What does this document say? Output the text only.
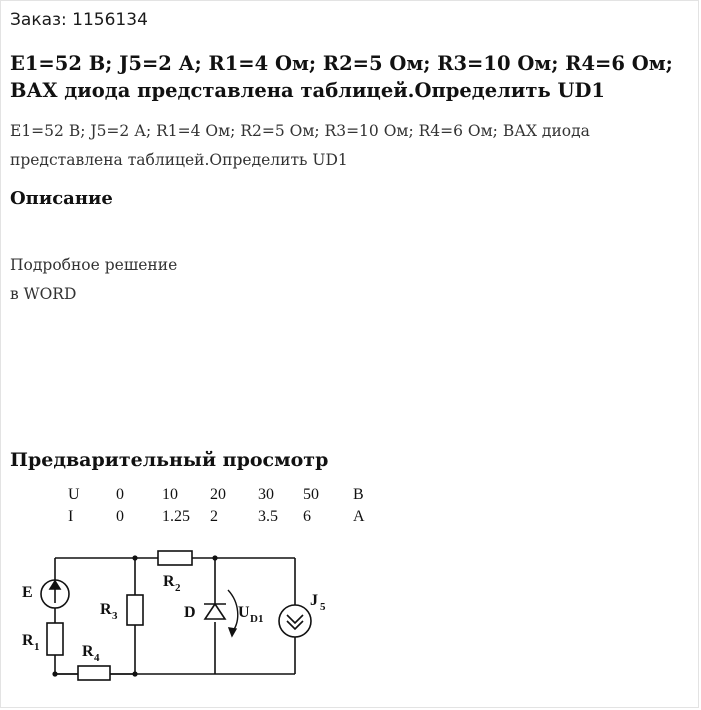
Заказ: 1156134
E1=52 В; J5=2 А; R1=4 Ом; R2=5 Ом; R3=10 Ом; R4=6 Ом; ВАХ диода представлена таблицей.Определить UD1
E1=52 В; J5=2 А; R1=4 Ом; R2=5 Ом; R3=10 Ом; R4=6 Ом; ВАХ диода представлена таблицей.Определить UD1
Описание
Подробное решение
в WORD
Предварительный просмотр
U 0 10 20 30 50 В
I	0 1.25 2	3.5 6	А
E
R 1
R 3
R 2
R 4
D	U D1
J 5
